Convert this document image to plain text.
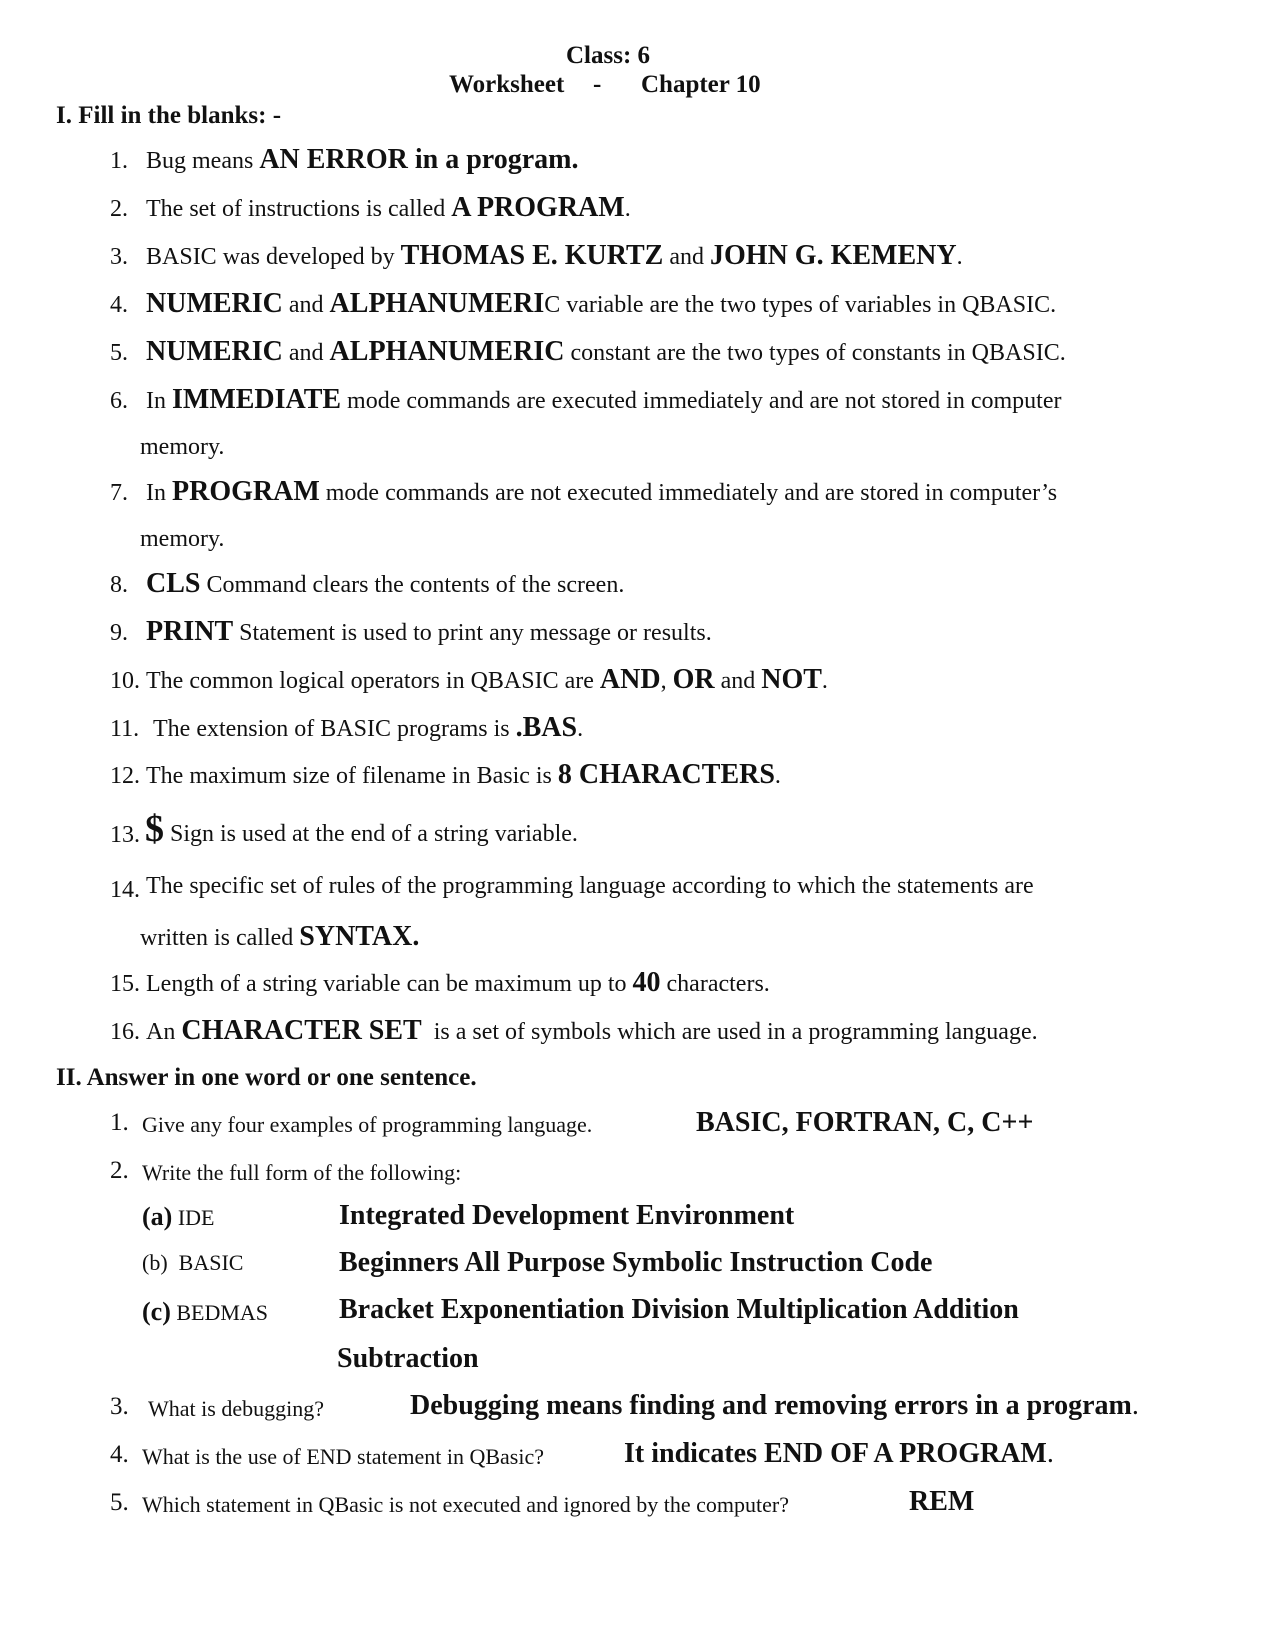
Class: 6
Worksheet - Chapter 10
I. Fill in the blanks: -
1. Bug means AN ERROR in a program.
2. The set of instructions is called A PROGRAM.
3. BASIC was developed by THOMAS E. KURTZ and JOHN G. KEMENY.
4. NUMERIC and ALPHANUMERIC variable are the two types of variables in QBASIC.
5. NUMERIC and ALPHANUMERIC constant are the two types of constants in QBASIC.
6. In IMMEDIATE mode commands are executed immediately and are not stored in computer
memory.
7. In PROGRAM mode commands are not executed immediately and are stored in computer’s
memory.
8. CLS Command clears the contents of the screen.
9. PRINT Statement is used to print any message or results.
10. The common logical operators in QBASIC are AND, OR and NOT.
11. The extension of BASIC programs is .BAS.
12. The maximum size of filename in Basic is 8 CHARACTERS.
13. $ Sign is used at the end of a string variable.
14. The specific set of rules of the programming language according to which the statements are
written is called SYNTAX.
15. Length of a string variable can be maximum up to 40 characters.
16. An CHARACTER SET  is a set of symbols which are used in a programming language.
II. Answer in one word or one sentence.
1. Give any four examples of programming language.	BASIC, FORTRAN, C, C++
2. Write the full form of the following:
(a) IDE	Integrated Development Environment
(b)  BASIC	Beginners All Purpose Symbolic Instruction Code
(c) BEDMAS	Bracket Exponentiation Division Multiplication Addition
Subtraction
3. What is debugging?	Debugging means finding and removing errors in a program.
4. What is the use of END statement in QBasic?	It indicates END OF A PROGRAM.
5. Which statement in QBasic is not executed and ignored by the computer?	REM
